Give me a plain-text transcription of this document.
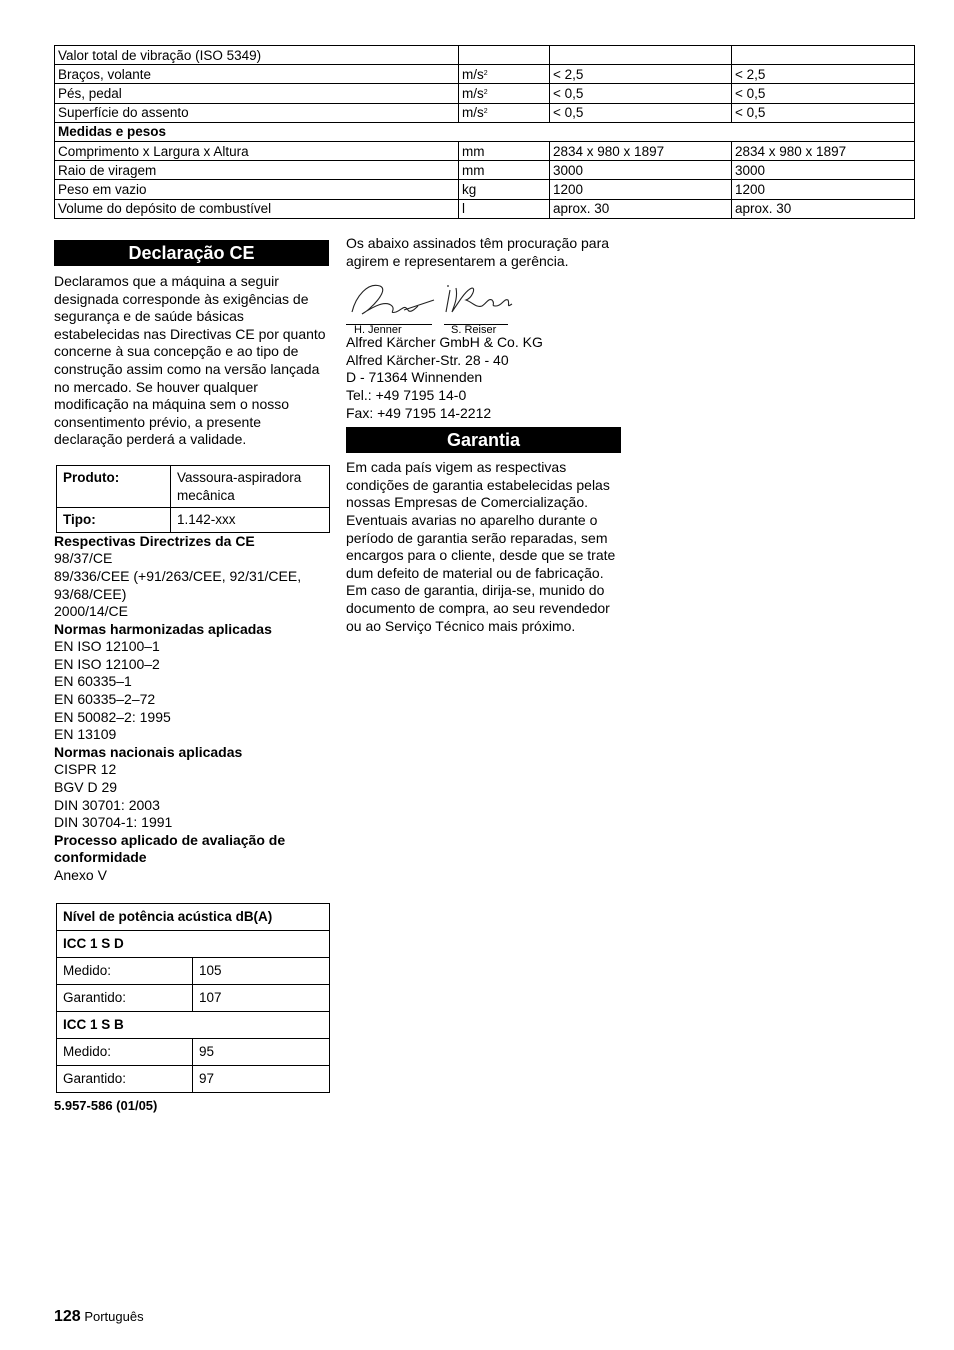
Valor total de vibração (ISO 5349)			
Braços, volante	$m/s^2$	< 2,5	< 2,5
Pés, pedal	$m/s^2$	< 0,5	< 0,5
Superfície do assento	$m/s^2$	< 0,5	< 0,5
Medidas e pesos			
Comprimento x Largura x Altura	mm	2834 x 980 x 1897	2834 x 980 x 1897
Raio de viragem	mm	3000	3000
Peso em vazio	kg	1200	1200
Volume do depósito de combustível	l	aprox. 30	aprox. 30
Declaração CE
Declaramos que a máquina a seguir designada corresponde às exigências de segurança e de saúde básicas estabelecidas nas Directivas CE por quanto concerne à sua concepção e ao tipo de construção assim como na versão lançada no mercado. Se houver qualquer modificação na máquina sem o nosso consentimento prévio, a presente declaração perderá a validade.
Produto:	Vassoura-aspiradora mecânica
Tipo:	1.142-xxx
Respectivas Directrizes da CE
98/37/CE
89/336/CEE (+91/263/CEE, 92/31/CEE, 93/68/CEE)
2000/14/CE
Normas harmonizadas aplicadas
EN ISO 12100–1
EN ISO 12100–2
EN 60335–1
EN 60335–2–72
EN 50082–2: 1995
EN 13109
Normas nacionais aplicadas
CISPR 12
BGV D 29
DIN 30701: 2003
DIN 30704-1: 1991
Processo aplicado de avaliação de conformidade
Anexo V
Nível de potência acústica dB(A)	
ICC 1 S D	
Medido:	105
Garantido:	107
ICC 1 S B	
Medido:	95
Garantido:	97
5.957-586 (01/05)
Os abaixo assinados têm procuração para agirem e representarem a gerência.
H. Jenner	S. Reiser
Alfred Kärcher GmbH & Co. KG
Alfred Kärcher-Str. 28 - 40
D - 71364 Winnenden
Tel.: +49 7195 14-0
Fax: +49 7195 14-2212
Garantia
Em cada país vigem as respectivas condições de garantia estabelecidas pelas nossas Empresas de Comercialização. Eventuais avarias no aparelho durante o período de garantia serão reparadas, sem encargos para o cliente, desde que se trate dum defeito de material ou de fabricação. Em caso de garantia, dirija-se, munido do documento de compra, ao seu revendedor ou ao Serviço Técnico mais próximo.
128 Português
